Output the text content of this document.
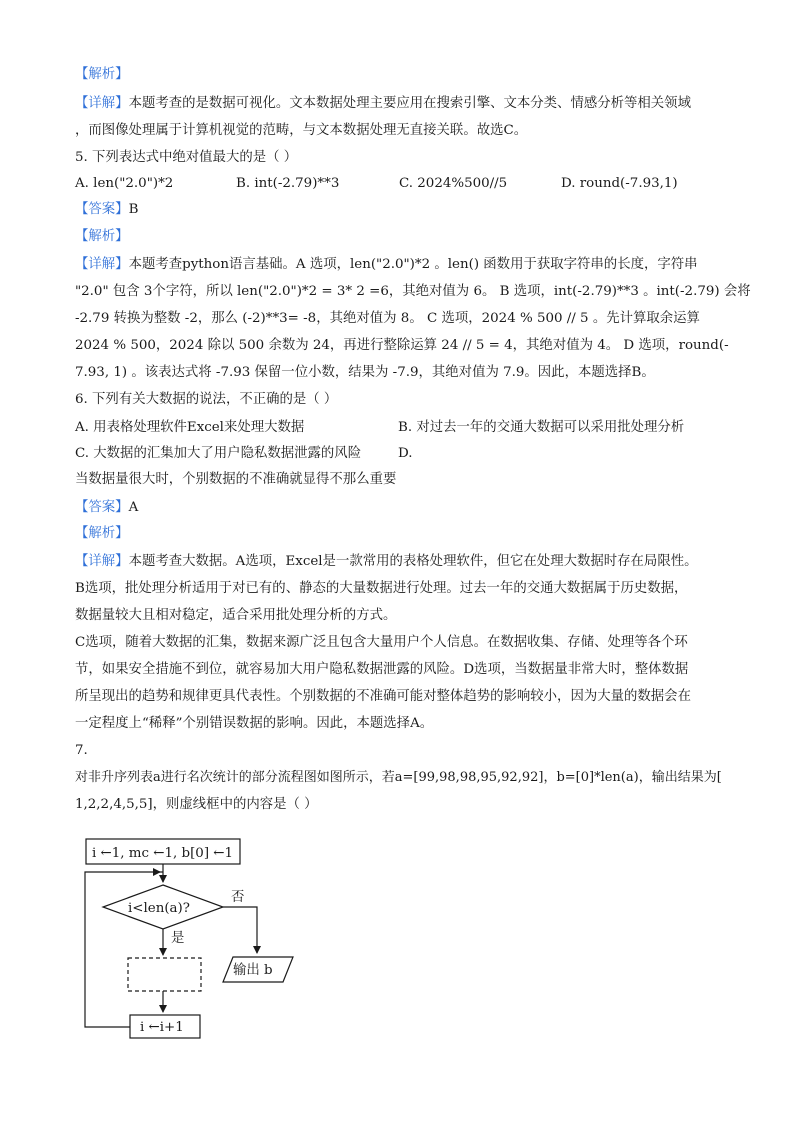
【解析】
【详解】本题考查的是数据可视化。文本数据处理主要应用在搜索引擎、文本分类、情感分析等相关领域
，而图像处理属于计算机视觉的范畴，与文本数据处理无直接关联。故选C。
5. 下列表达式中绝对值最大的是（ ）
A. len("2.0")*2	B. int(-2.79)**3	C. 2024%500//5	D. round(-7.93,1)
【答案】B
【解析】
【详解】本题考查python语言基础。A 选项，len("2.0")*2 。len() 函数用于获取字符串的长度，字符串
"2.0" 包含 3个字符，所以 len("2.0")*2 = 3* 2 =6，其绝对值为 6。 B 选项，int(-2.79)**3 。int(-2.79) 会将
-2.79 转换为整数 -2，那么 (-2)**3= -8，其绝对值为 8。 C 选项，2024 % 500 // 5 。先计算取余运算
2024 % 500，2024 除以 500 余数为 24，再进行整除运算 24 // 5 = 4，其绝对值为 4。 D 选项，round(-
7.93, 1) 。该表达式将 -7.93 保留一位小数，结果为 -7.9，其绝对值为 7.9。因此，本题选择B。
6. 下列有关大数据的说法，不正确的是（ ）
A. 用表格处理软件Excel来处理大数据	B. 对过去一年的交通大数据可以采用批处理分析
C. 大数据的汇集加大了用户隐私数据泄露的风险	D.
当数据量很大时，个别数据的不准确就显得不那么重要
【答案】A
【解析】
【详解】本题考查大数据。A选项，Excel是一款常用的表格处理软件，但它在处理大数据时存在局限性。
B选项，批处理分析适用于对已有的、静态的大量数据进行处理。过去一年的交通大数据属于历史数据，
数据量较大且相对稳定，适合采用批处理分析的方式。
C选项，随着大数据的汇集，数据来源广泛且包含大量用户个人信息。在数据收集、存储、处理等各个环
节，如果安全措施不到位，就容易加大用户隐私数据泄露的风险。D选项，当数据量非常大时，整体数据
所呈现出的趋势和规律更具代表性。个别数据的不准确可能对整体趋势的影响较小，因为大量的数据会在
一定程度上“稀释”个别错误数据的影响。因此，本题选择A。
7.
对非升序列表a进行名次统计的部分流程图如图所示，若a=[99,98,98,95,92,92]，b=[0]*len(a)，输出结果为[
1,2,2,4,5,5]，则虚线框中的内容是（ ）
i ←1, mc ←1, b[0] ←1
i<len(a)?
否
是
输出 b
i ←i+1
